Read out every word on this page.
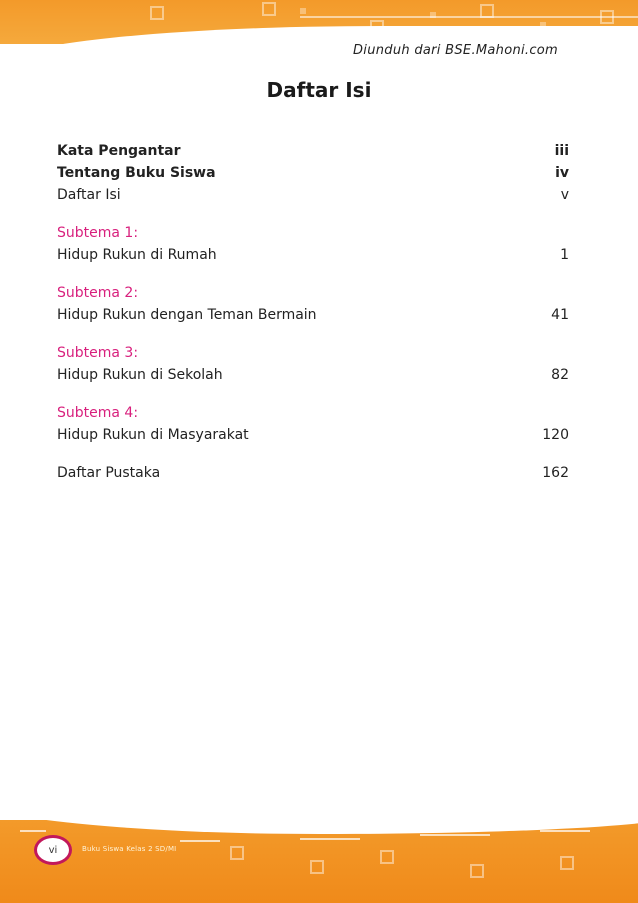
Diunduh dari BSE.Mahoni.com
Daftar Isi
Kata Pengantar	iii
Tentang Buku Siswa	iv
Daftar Isi	v
Subtema 1:
Hidup Rukun di Rumah	1
Subtema 2:
Hidup Rukun dengan Teman Bermain	41
Subtema 3:
Hidup Rukun di Sekolah	82
Subtema 4:
Hidup Rukun di Masyarakat	120
Daftar Pustaka	162
vi	Buku Siswa Kelas 2 SD/MI
